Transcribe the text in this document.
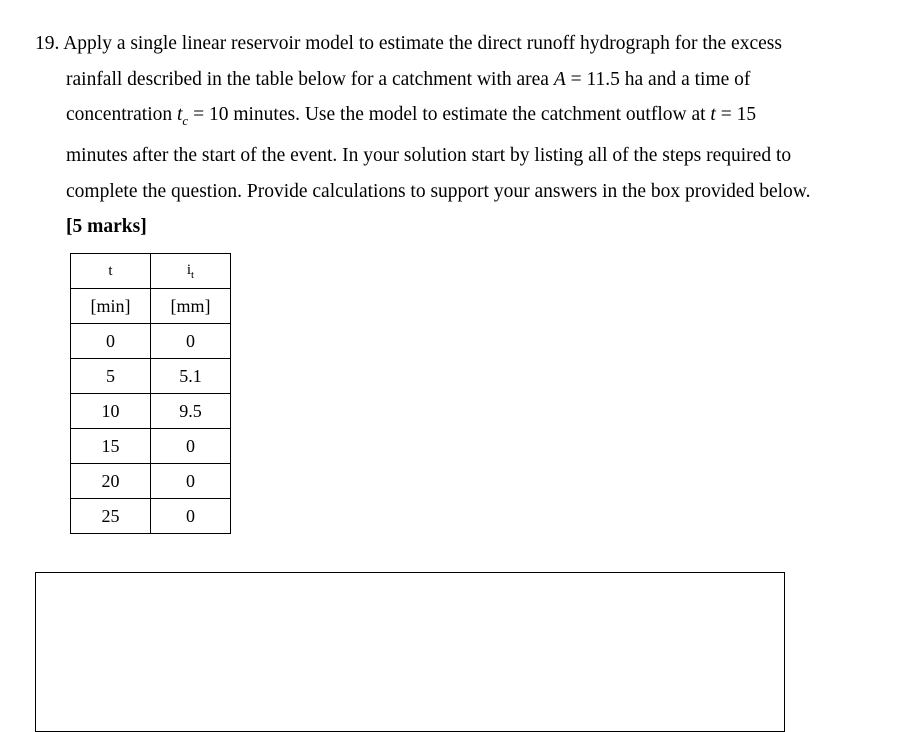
19. Apply a single linear reservoir model to estimate the direct runoff hydrograph for the excess
rainfall described in the table below for a catchment with area A = 11.5 ha and a time of
concentration $t_c = 10$ minutes. Use the model to estimate the catchment outflow at t = 15
minutes after the start of the event. In your solution start by listing all of the steps required to
complete the question. Provide calculations to support your answers in the box provided below.
[5 marks]
t	$i_t$
[min]	[mm]
0	0
5	5.1
10	9.5
15	0
20	0
25	0
